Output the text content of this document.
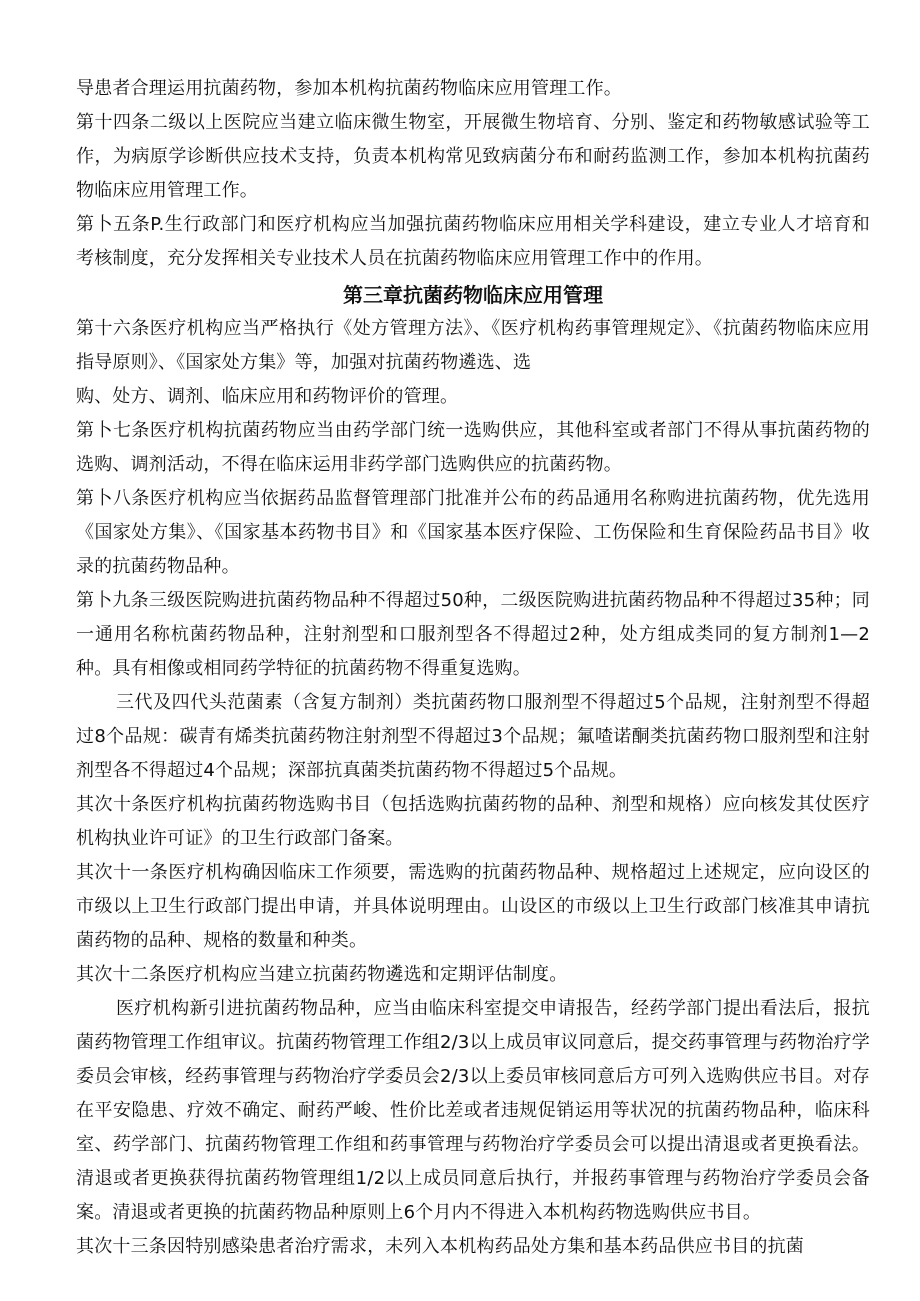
导患者合理运用抗菌药物，参加本机构抗菌药物临床应用管理工作。

第十四条二级以上医院应当建立临床微生物室，开展微生物培育、分别、鉴定和药物敏感试验等工作，为病原学诊断供应技术支持，负责本机构常见致病菌分布和耐药监测工作，参加本机构抗菌药物临床应用管理工作。

第卜五条P.生行政部门和医疗机构应当加强抗菌药物临床应用相关学科建设，建立专业人才培育和考核制度，充分发挥相关专业技术人员在抗菌药物临床应用管理工作中的作用。

第三章抗菌药物临床应用管理

第十六条医疗机构应当严格执行《处方管理方法》、《医疗机构药事管理规定》、《抗菌药物临床应用指导原则》、《国家处方集》等，加强对抗菌药物遴选、选

购、处方、调剂、临床应用和药物评价的管理。

第卜七条医疗机构抗菌药物应当由药学部门统一选购供应，其他科室或者部门不得从事抗菌药物的选购、调剂活动，不得在临床运用非药学部门选购供应的抗菌药物。

第卜八条医疗机构应当依据药品监督管理部门批准并公布的药品通用名称购进抗菌药物，优先选用《国家处方集》、《国家基本药物书目》和《国家基本医疗保险、工伤保险和生育保险药品书目》收录的抗菌药物品种。

第卜九条三级医院购进抗菌药物品种不得超过50种，二级医院购进抗菌药物品种不得超过35种；同一通用名称杭菌药物品种，注射剂型和口服剂型各不得超过2种，处方组成类同的复方制剂1—2种。具有相像或相同药学特征的抗菌药物不得重复选购。

三代及四代头范菌素（含复方制剂）类抗菌药物口服剂型不得超过5个品规，注射剂型不得超过8个品规：碳青有烯类抗菌药物注射剂型不得超过3个品规；氟喳诺酮类抗菌药物口服剂型和注射剂型各不得超过4个品规；深部抗真菌类抗菌药物不得超过5个品规。

其次十条医疗机构抗菌药物选购书目（包括选购抗菌药物的品种、剂型和规格）应向核发其仗医疗机构执业许可证》的卫生行政部门备案。

其次十一条医疗机构确因临床工作须要，需选购的抗菌药物品种、规格超过上述规定，应向设区的市级以上卫生行政部门提出申请，并具体说明理由。山设区的市级以上卫生行政部门核准其申请抗菌药物的品种、规格的数量和种类。

其次十二条医疗机构应当建立抗菌药物遴选和定期评估制度。

医疗机构新引进抗菌药物品种，应当由临床科室提交申请报告，经药学部门提出看法后，报抗菌药物管理工作组审议。抗菌药物管理工作组2/3以上成员审议同意后，提交药事管理与药物治疗学委员会审核，经药事管理与药物治疗学委员会2/3以上委员审核同意后方可列入选购供应书目。对存在平安隐患、疗效不确定、耐药严峻、性价比差或者违规促销运用等状况的抗菌药物品种，临床科室、药学部门、抗菌药物管理工作组和药事管理与药物治疗学委员会可以提出清退或者更换看法。清退或者更换获得抗菌药物管理组1/2以上成员同意后执行，并报药事管理与药物治疗学委员会备案。清退或者更换的抗菌药物品种原则上6个月内不得进入本机构药物选购供应书目。

其次十三条因特别感染患者治疗需求，未列入本机构药品处方集和基本药品供应书目的抗菌
